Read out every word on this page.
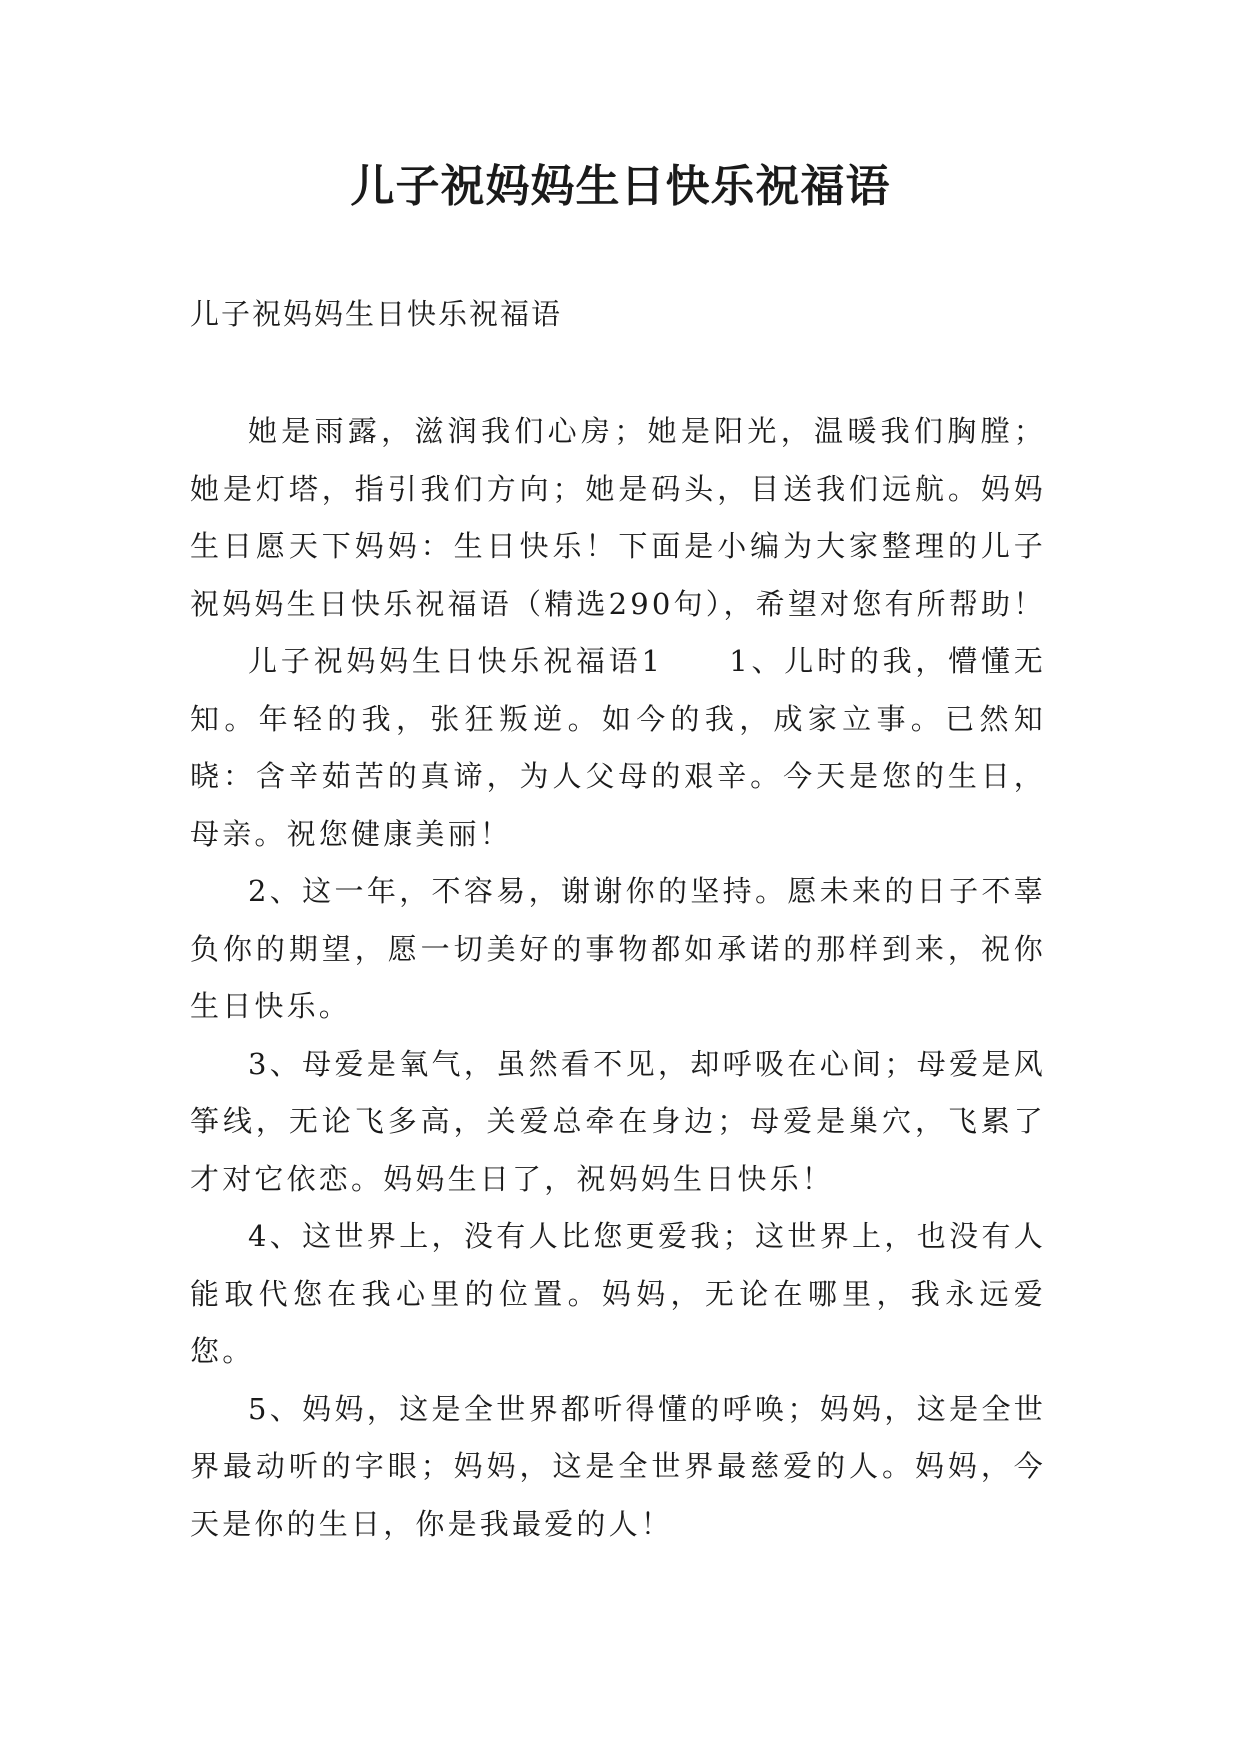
儿子祝妈妈生日快乐祝福语

儿子祝妈妈生日快乐祝福语

她是雨露，滋润我们心房；她是阳光，温暖我们胸膛；她是灯塔，指引我们方向；她是码头，目送我们远航。妈妈生日愿天下妈妈：生日快乐！下面是小编为大家整理的儿子祝妈妈生日快乐祝福语（精选290句），希望对您有所帮助！

儿子祝妈妈生日快乐祝福语1　　1、儿时的我，懵懂无知。年轻的我，张狂叛逆。如今的我，成家立事。已然知晓：含辛茹苦的真谛，为人父母的艰辛。今天是您的生日，母亲。祝您健康美丽！

2、这一年，不容易，谢谢你的坚持。愿未来的日子不辜负你的期望，愿一切美好的事物都如承诺的那样到来，祝你生日快乐。

3、母爱是氧气，虽然看不见，却呼吸在心间；母爱是风筝线，无论飞多高，关爱总牵在身边；母爱是巢穴，飞累了才对它依恋。妈妈生日了，祝妈妈生日快乐！

4、这世界上，没有人比您更爱我；这世界上，也没有人能取代您在我心里的位置。妈妈，无论在哪里，我永远爱您。

5、妈妈，这是全世界都听得懂的呼唤；妈妈，这是全世界最动听的字眼；妈妈，这是全世界最慈爱的人。妈妈，今天是你的生日，你是我最爱的人！
